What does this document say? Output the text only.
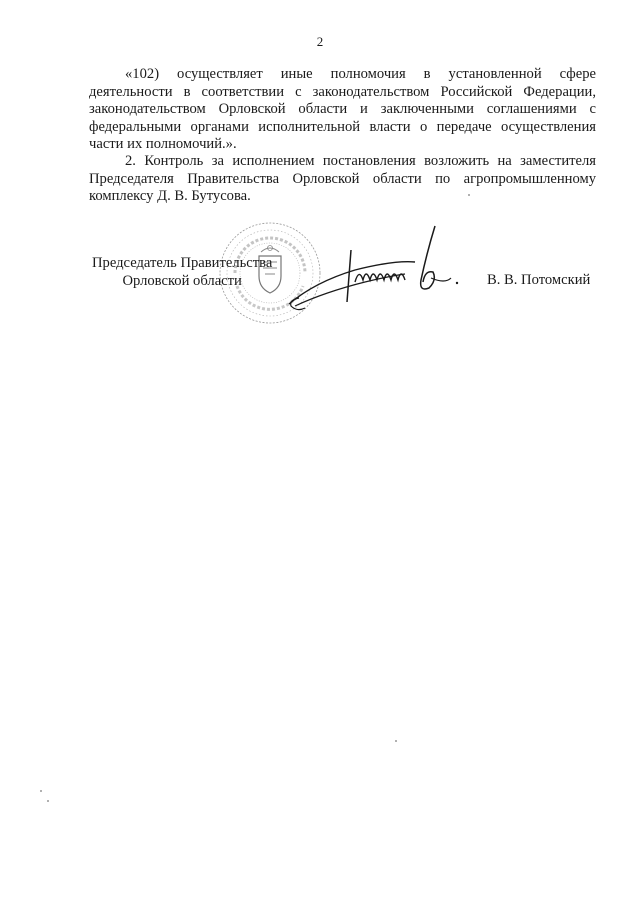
2

«102) осуществляет иные полномочия в установленной сфере деятельности в соответствии с законодательством Российской Федерации, законодательством Орловской области и заключенными соглашениями с федеральными органами исполнительной власти о передаче осуществления части их полномочий.».

2. Контроль за исполнением постановления возложить на заместителя Председателя Правительства Орловской области по агропромышленному комплексу Д. В. Бутусова.

Председатель Правительства
Орловской области	В. В. Потомский
